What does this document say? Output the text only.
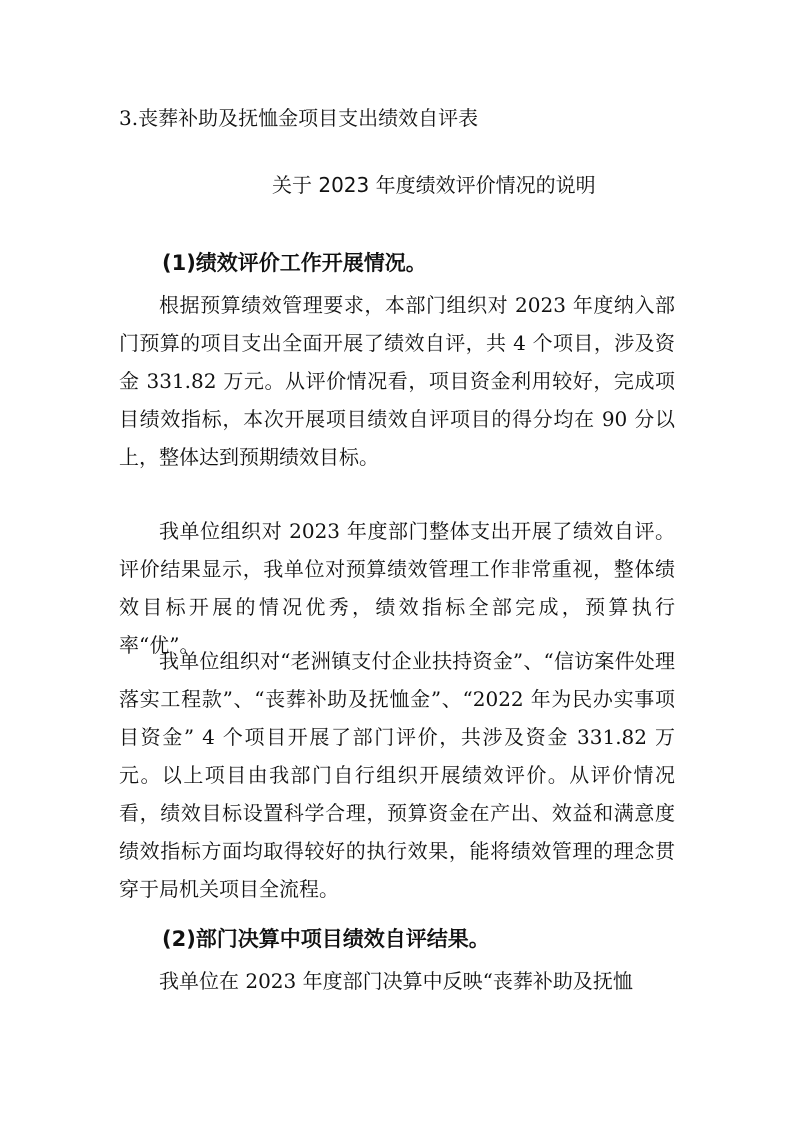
3.丧葬补助及抚恤金项目支出绩效自评表
关于 2023 年度绩效评价情况的说明
(1)绩效评价工作开展情况。

根据预算绩效管理要求，本部门组织对 2023 年度纳入部门预算的项目支出全面开展了绩效自评，共 4 个项目，涉及资金 331.82 万元。从评价情况看，项目资金利用较好，完成项目绩效指标，本次开展项目绩效自评项目的得分均在 90 分以上，整体达到预期绩效目标。

我单位组织对 2023 年度部门整体支出开展了绩效自评。评价结果显示，我单位对预算绩效管理工作非常重视，整体绩效目标开展的情况优秀，绩效指标全部完成，预算执行率“优”。

我单位组织对“老洲镇支付企业扶持资金”、“信访案件处理落实工程款”、“丧葬补助及抚恤金”、“2022 年为民办实事项目资金” 4 个项目开展了部门评价，共涉及资金 331.82 万元。以上项目由我部门自行组织开展绩效评价。从评价情况看，绩效目标设置科学合理，预算资金在产出、效益和满意度绩效指标方面均取得较好的执行效果，能将绩效管理的理念贯穿于局机关项目全流程。

(2)部门决算中项目绩效自评结果。

我单位在 2023 年度部门决算中反映“丧葬补助及抚恤
